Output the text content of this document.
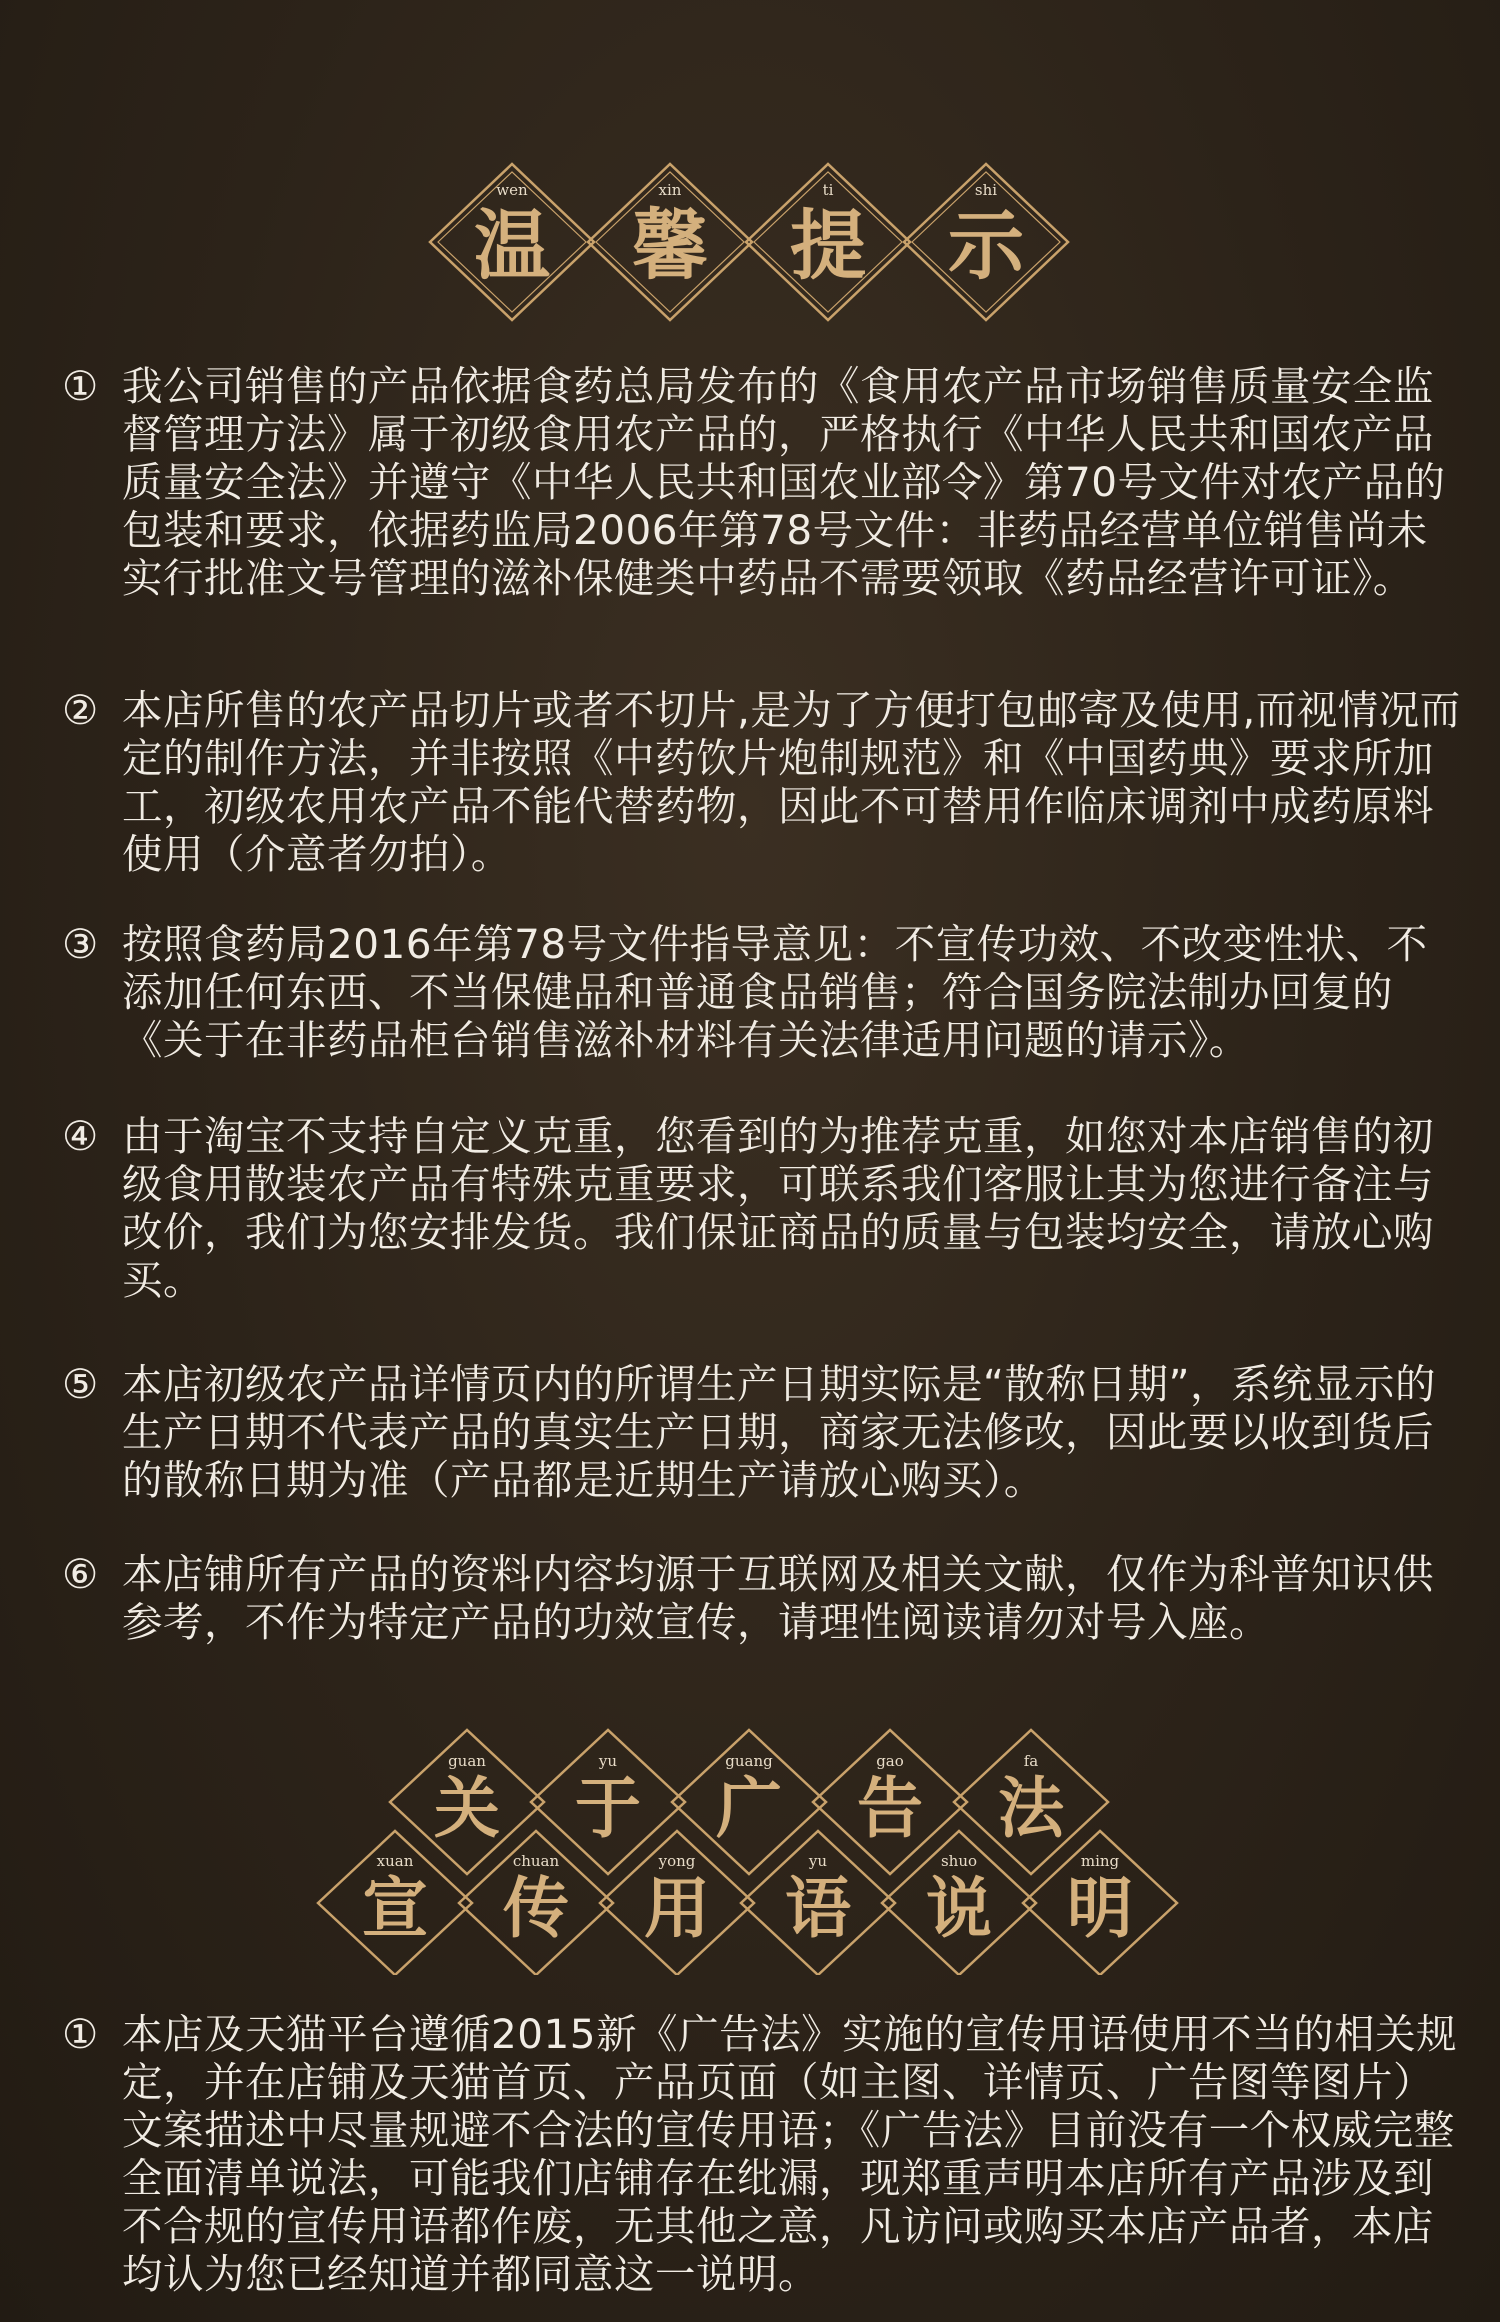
wen	xin	ti	shi
温	馨	提	示
① 我公司销售的产品依据食药总局发布的《食用农产品市场销售质量安全监督管理方法》属于初级食用农产品的，严格执行《中华人民共和国农产品质量安全法》并遵守《中华人民共和国农业部令》第70号文件对农产品的包装和要求，依据药监局2006年第78号文件：非药品经营单位销售尚未实行批准文号管理的滋补保健类中药品不需要领取《药品经营许可证》。
② 本店所售的农产品切片或者不切片,是为了方便打包邮寄及使用,而视情况而定的制作方法，并非按照《中药饮片炮制规范》和《中国药典》要求所加工，初级农用农产品不能代替药物，因此不可替用作临床调剂中成药原料使用（介意者勿拍）。
③ 按照食药局2016年第78号文件指导意见：不宣传功效、不改变性状、不添加任何东西、不当保健品和普通食品销售；符合国务院法制办回复的《关于在非药品柜台销售滋补材料有关法律适用问题的请示》。
④ 由于淘宝不支持自定义克重，您看到的为推荐克重，如您对本店销售的初级食用散装农产品有特殊克重要求，可联系我们客服让其为您进行备注与改价，我们为您安排发货。我们保证商品的质量与包装均安全，请放心购买。
⑤ 本店初级农产品详情页内的所谓生产日期实际是“散称日期”，系统显示的生产日期不代表产品的真实生产日期，商家无法修改，因此要以收到货后的散称日期为准（产品都是近期生产请放心购买）。
⑥ 本店铺所有产品的资料内容均源于互联网及相关文献，仅作为科普知识供参考，不作为特定产品的功效宣传，请理性阅读请勿对号入座。
guan	yu	guang	gao	fa
关	于	广	告	法
xuan	chuan	yong	yu	shuo	ming
宣	传	用	语	说	明
① 本店及天猫平台遵循2015新《广告法》实施的宣传用语使用不当的相关规定，并在店铺及天猫首页、产品页面（如主图、详情页、广告图等图片）文案描述中尽量规避不合法的宣传用语；《广告法》目前没有一个权威完整全面清单说法，可能我们店铺存在纰漏，现郑重声明本店所有产品涉及到不合规的宣传用语都作废，无其他之意，凡访问或购买本店产品者，本店均认为您已经知道并都同意这一说明。
